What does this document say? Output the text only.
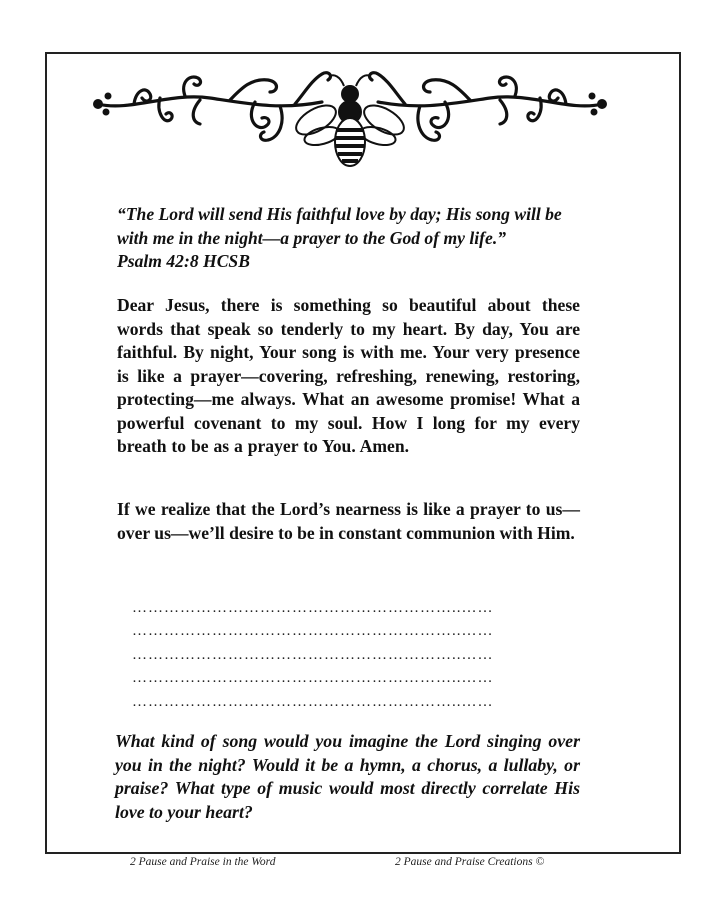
“The Lord will send His faithful love by day; His song will be with me in the night—a prayer to the God of my life.”

Psalm 42:8 HCSB

Dear Jesus, there is something so beautiful about these words that speak so tenderly to my heart. By day, You are faithful. By night, Your song is with me. Your very presence is like a prayer—covering, refreshing, renewing, restoring, protecting—me always. What an awesome promise! What a powerful covenant to my soul. How I long for my every breath to be as a prayer to You. Amen.

If we realize that the Lord’s nearness is like a prayer to us—over us—we’ll desire to be in constant communion with Him.
……………………………………………………..……
……………………………………………………..……
……………………………………………………..……
……………………………………………………..……
……………………………………………………..……
What kind of song would you imagine the Lord singing over you in the night? Would it be a hymn, a chorus, a lullaby, or praise? What type of music would most directly correlate His love to your heart?
2 Pause and Praise in the Word	2 Pause and Praise Creations ©
